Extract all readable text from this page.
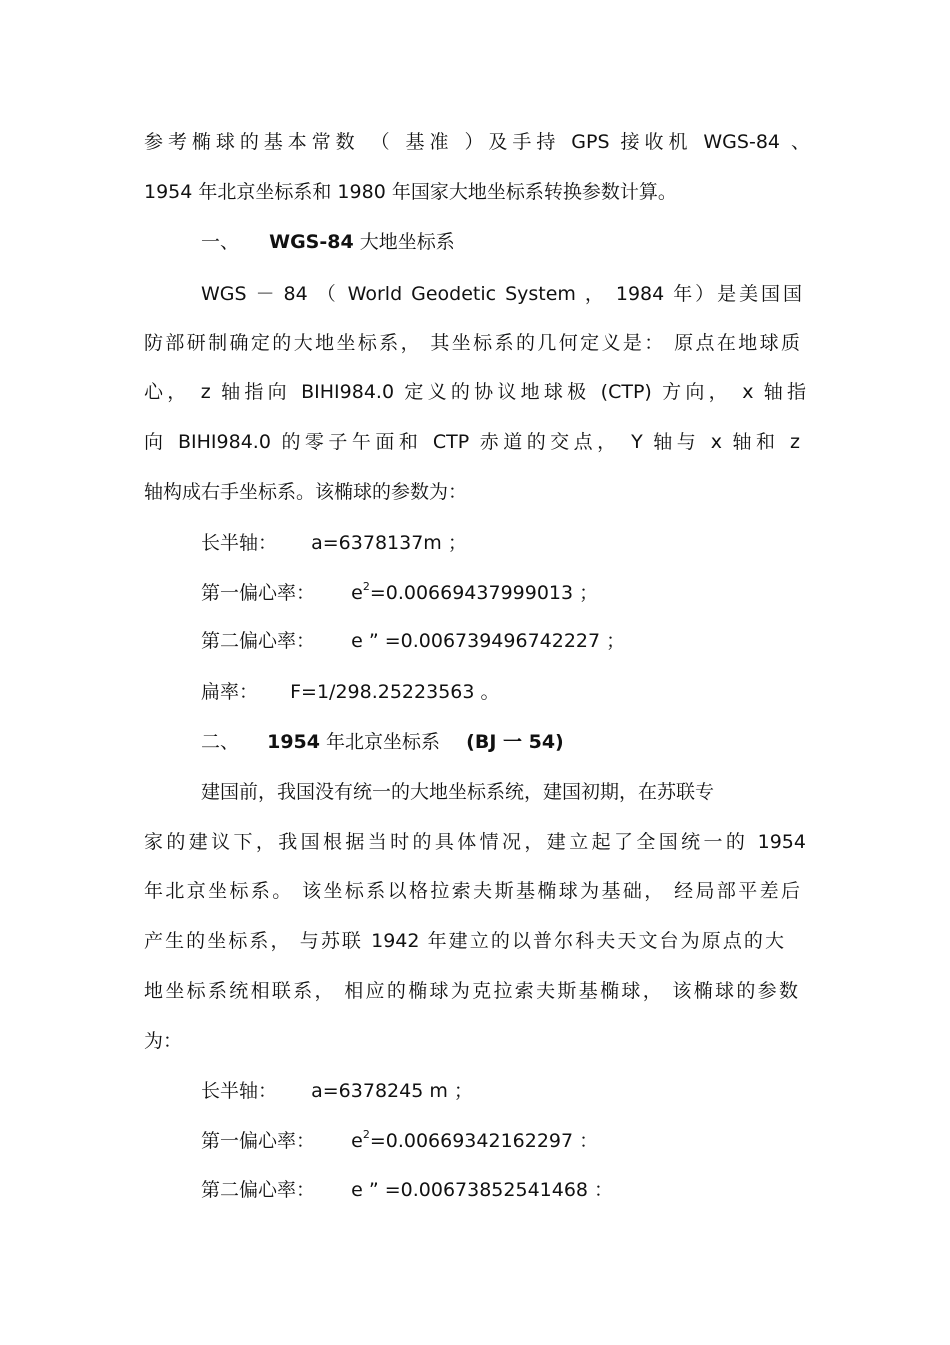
参考椭球的基本常数 （ 基准 ）及手持 GPS 接收机 WGS-84 、
1954 年北京坐标系和 1980 年国家大地坐标系转换参数计算。
一、 WGS-84 大地坐标系
WGS － 84 （ World Geodetic System ， 1984 年）是美国国
防部研制确定的大地坐标系， 其坐标系的几何定义是： 原点在地球质
心， z 轴指向 BIHI984.0 定义的协议地球极 (CTP) 方向， x 轴指
向 BIHI984.0 的零子午面和 CTP 赤道的交点， Y 轴与 x 轴和 z
轴构成右手坐标系。该椭球的参数为：
长半轴： a=6378137m ；
第一偏心率： $e^2=0.00669437999013$ ；
第二偏心率： e ” =0.006739496742227 ；
扁率： F=1/298.25223563 。
二、 1954 年北京坐标系 (BJ 一 54)
建国前，我国没有统一的大地坐标系统，建国初期，在苏联专
家的建议下，我国根据当时的具体情况，建立起了全国统一的 1954
年北京坐标系。 该坐标系以格拉索夫斯基椭球为基础， 经局部平差后
产生的坐标系， 与苏联 1942 年建立的以普尔科夫天文台为原点的大
地坐标系统相联系， 相应的椭球为克拉索夫斯基椭球， 该椭球的参数
为：
长半轴： a=6378245 m ；
第一偏心率： $e^2=0.00669342162297$ ：
第二偏心率： e ” =0.00673852541468 ：
